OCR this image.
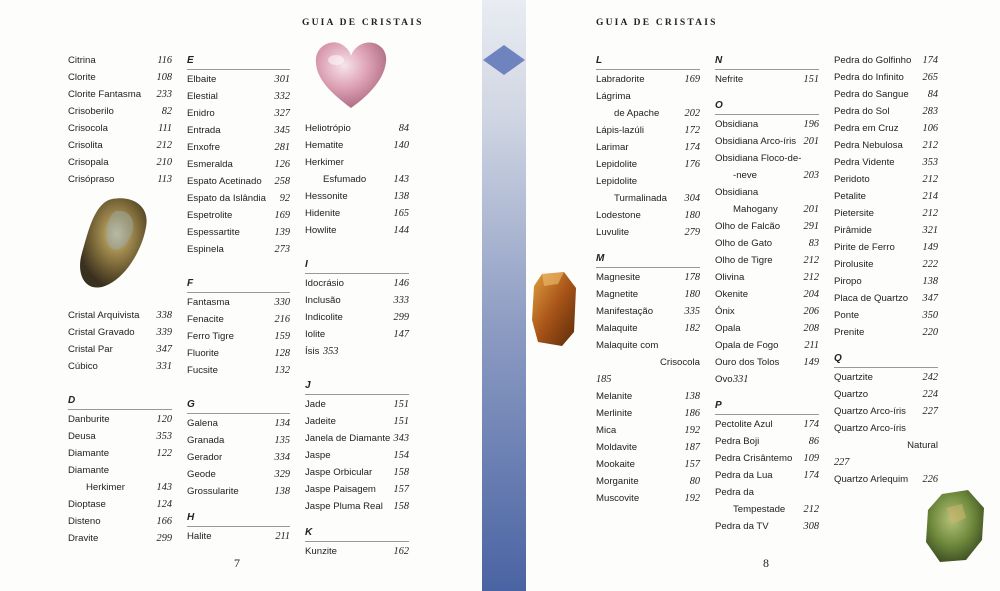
GUIA DE CRISTAIS
Citrina	116
Clorite	108
Clorite Fantasma 233
Crisoberilo	82
Crisocola	111
Crisolita	212
Crisopala	210
Crisópraso	113
Cristal Arquivista 338
Cristal Gravado 339
Cristal Par	347
Cúbico	331
D
Danburite	120
Deusa	353
Diamante	122
Diamante
Herkimer	143
Dioptase	124
Disteno	166
Dravite	299
E
Elbaite	301
Elestial	332
Enidro	327
Entrada	345
Enxofre	281
Esmeralda	126
Espato Acetinado 258
Espato da Islândia 92
Espetrolite	169
Espessartite	139
Espinela	273
F
Fantasma	330
Fenacite	216
Ferro Tigre	159
Fluorite	128
Fucsite	132
G
Galena	134
Granada	135
Gerador	334
Geode	329
Grossularite	138
H
Halite	211
Heliotrópio	84
Hematite	140
Herkimer
Esfumado	143
Hessonite	138
Hidenite	165
Howlite	144
I
Idocrásio	146
Inclusão	333
Indicolite	299
Iolite	147
Ísis 353
J
Jade	151
Jadeite	151
Janela de Diamante 343
Jaspe	154
Jaspe Orbicular 158
Jaspe Paisagem 157
Jaspe Pluma Real 158
K
Kunzite	162
7
GUIA DE CRISTAIS
L
Labradorite	169
Lágrima
de Apache 202
Lápis-lazúli	172
Larimar	174
Lepidolite	176
Lepidolite
Turmalinada 304
Lodestone	180
Luvulite	279
M
Magnesite	178
Magnetite	180
Manifestação	335
Malaquite	182
Malaquite com
Crisocola
185
Melanite	138
Merlinite	186
Mica	192
Moldavite	187
Mookaite	157
Morganite	80
Muscovite	192
N
Nefrite	151
O
Obsidiana	196
Obsidiana Arco-íris 201
Obsidiana Floco-de-
-neve	203
Obsidiana
Mahogany 201
Olho de Falcão 291
Olho de Gato	83
Olho de Tigre	212
Olivina	212
Okenite	204
Ónix	206
Opala	208
Opala de Fogo	211
Ouro dos Tolos 149
Ovo 331
P
Pectolite Azul	174
Pedra Boji	86
Pedra Crisântemo 109
Pedra da Lua	174
Pedra da
Tempestade 212
Pedra da TV	308
Pedra do Golfinho 174
Pedra do Infinito 265
Pedra do Sangue 84
Pedra do Sol	283
Pedra em Cruz 106
Pedra Nebulosa 212
Pedra Vidente	353
Peridoto	212
Petalite	214
Pietersite	212
Pirâmide	321
Pirite de Ferro	149
Pirolusite	222
Piropo	138
Placa de Quartzo 347
Ponte	350
Prenite	220
Q
Quartzite	242
Quartzo	224
Quartzo Arco-íris 227
Quartzo Arco-íris
Natural
227
Quartzo Arlequim 226
8
